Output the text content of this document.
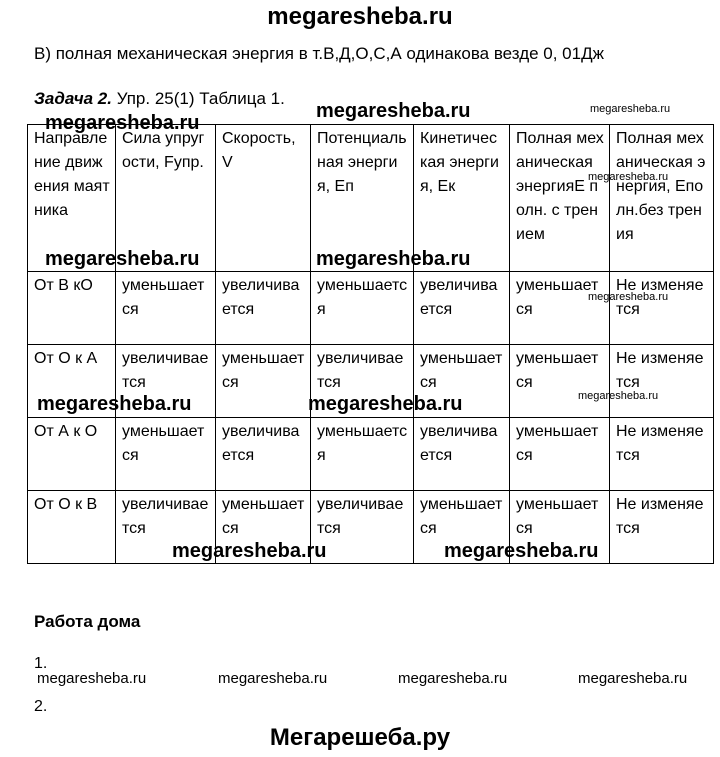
megaresheba.ru
В) полная механическая энергия в т.В,Д,О,С,А одинакова везде 0, 01Дж
Задача 2. Упр. 25(1) Таблица 1.
Направление движения маятника	Сила упругости, Fупр.	Скорость, V	Потенциальная энергия, Еп	Кинетическая энергия, Ек	Полная механическая энергияЕ полн. с трением	Полная механическая энергия, Еполн.без трения
От В кО	уменьшается	увеличивается	уменьшается	увеличивается	уменьшается	Не изменяется
От О к А	увеличивается	уменьшается	увеличивается	уменьшается	уменьшается	Не изменяется
От А к О	уменьшается	увеличивается	уменьшается	увеличивается	уменьшается	Не изменяется
От О к В	увеличивается	уменьшается	увеличивается	уменьшается	уменьшается	Не изменяется
megaresheba.ru	megaresheba.ru
megaresheba.ru
megaresheba.ru
megaresheba.ru	megaresheba.ru
megaresheba.ru
megaresheba.ru	megaresheba.ru	megaresheba.ru
megaresheba.ru	megaresheba.ru
Работа дома
1.
megaresheba.ru	megaresheba.ru	megaresheba.ru	megaresheba.ru
2.
Мегарешеба.ру
